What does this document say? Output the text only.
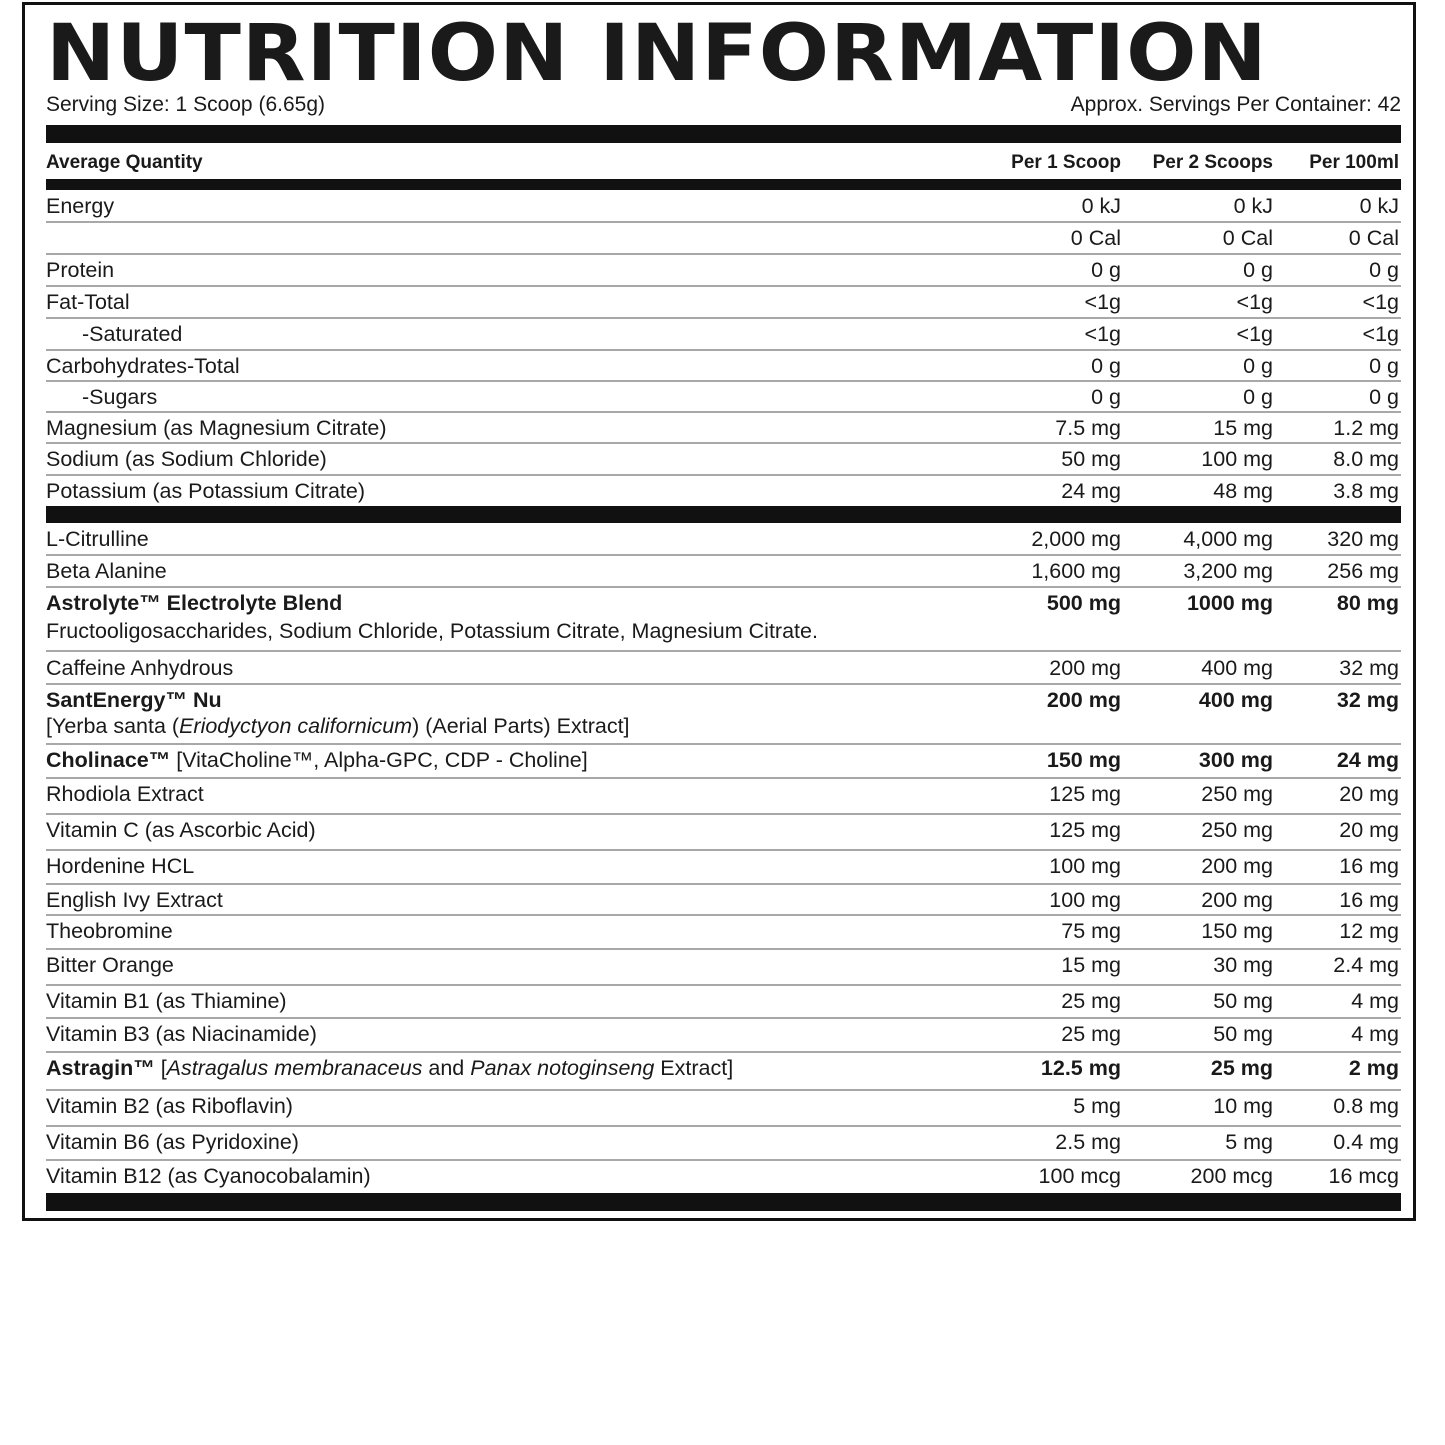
NUTRITION INFORMATION
Serving Size: 1 Scoop (6.65g)	Approx. Servings Per Container: 42
Average Quantity	Per 1 Scoop Per 2 Scoops Per 100ml
Energy	0 kJ	0 kJ	0 kJ
0 Cal	0 Cal	0 Cal
Protein	0 g	0 g	0 g
Fat-Total	<1g	<1g	<1g
-Saturated	<1g	<1g	<1g
Carbohydrates-Total	0 g	0 g	0 g
-Sugars	0 g	0 g	0 g
Magnesium (as Magnesium Citrate)	7.5 mg	15 mg	1.2 mg
Sodium (as Sodium Chloride)	50 mg	100 mg	8.0 mg
Potassium (as Potassium Citrate)	24 mg	48 mg	3.8 mg
L-Citrulline	2,000 mg	4,000 mg	320 mg
Beta Alanine	1,600 mg	3,200 mg	256 mg
Astrolyte™ Electrolyte Blend
Fructooligosaccharides, Sodium Chloride, Potassium Citrate, Magnesium Citrate.
500 mg	1000 mg	80 mg
Caffeine Anhydrous	200 mg	400 mg	32 mg
SantEnergy™ Nu
[Yerba santa (Eriodyctyon californicum) (Aerial Parts) Extract]
200 mg	400 mg	32 mg
Cholinace™ [VitaCholine™, Alpha-GPC, CDP - Choline]	150 mg	300 mg	24 mg
Rhodiola Extract	125 mg	250 mg	20 mg
Vitamin C (as Ascorbic Acid)	125 mg	250 mg	20 mg
Hordenine HCL	100 mg	200 mg	16 mg
English Ivy Extract	100 mg	200 mg	16 mg
Theobromine	75 mg	150 mg	12 mg
Bitter Orange	15 mg	30 mg	2.4 mg
Vitamin B1 (as Thiamine)	25 mg	50 mg	4 mg
Vitamin B3 (as Niacinamide)	25 mg	50 mg	4 mg
Astragin™ [Astragalus membranaceus and Panax notoginseng Extract]	12.5 mg	25 mg	2 mg
Vitamin B2 (as Riboflavin)	5 mg	10 mg	0.8 mg
Vitamin B6 (as Pyridoxine)	2.5 mg	5 mg	0.4 mg
Vitamin B12 (as Cyanocobalamin)	100 mcg	200 mcg	16 mcg
